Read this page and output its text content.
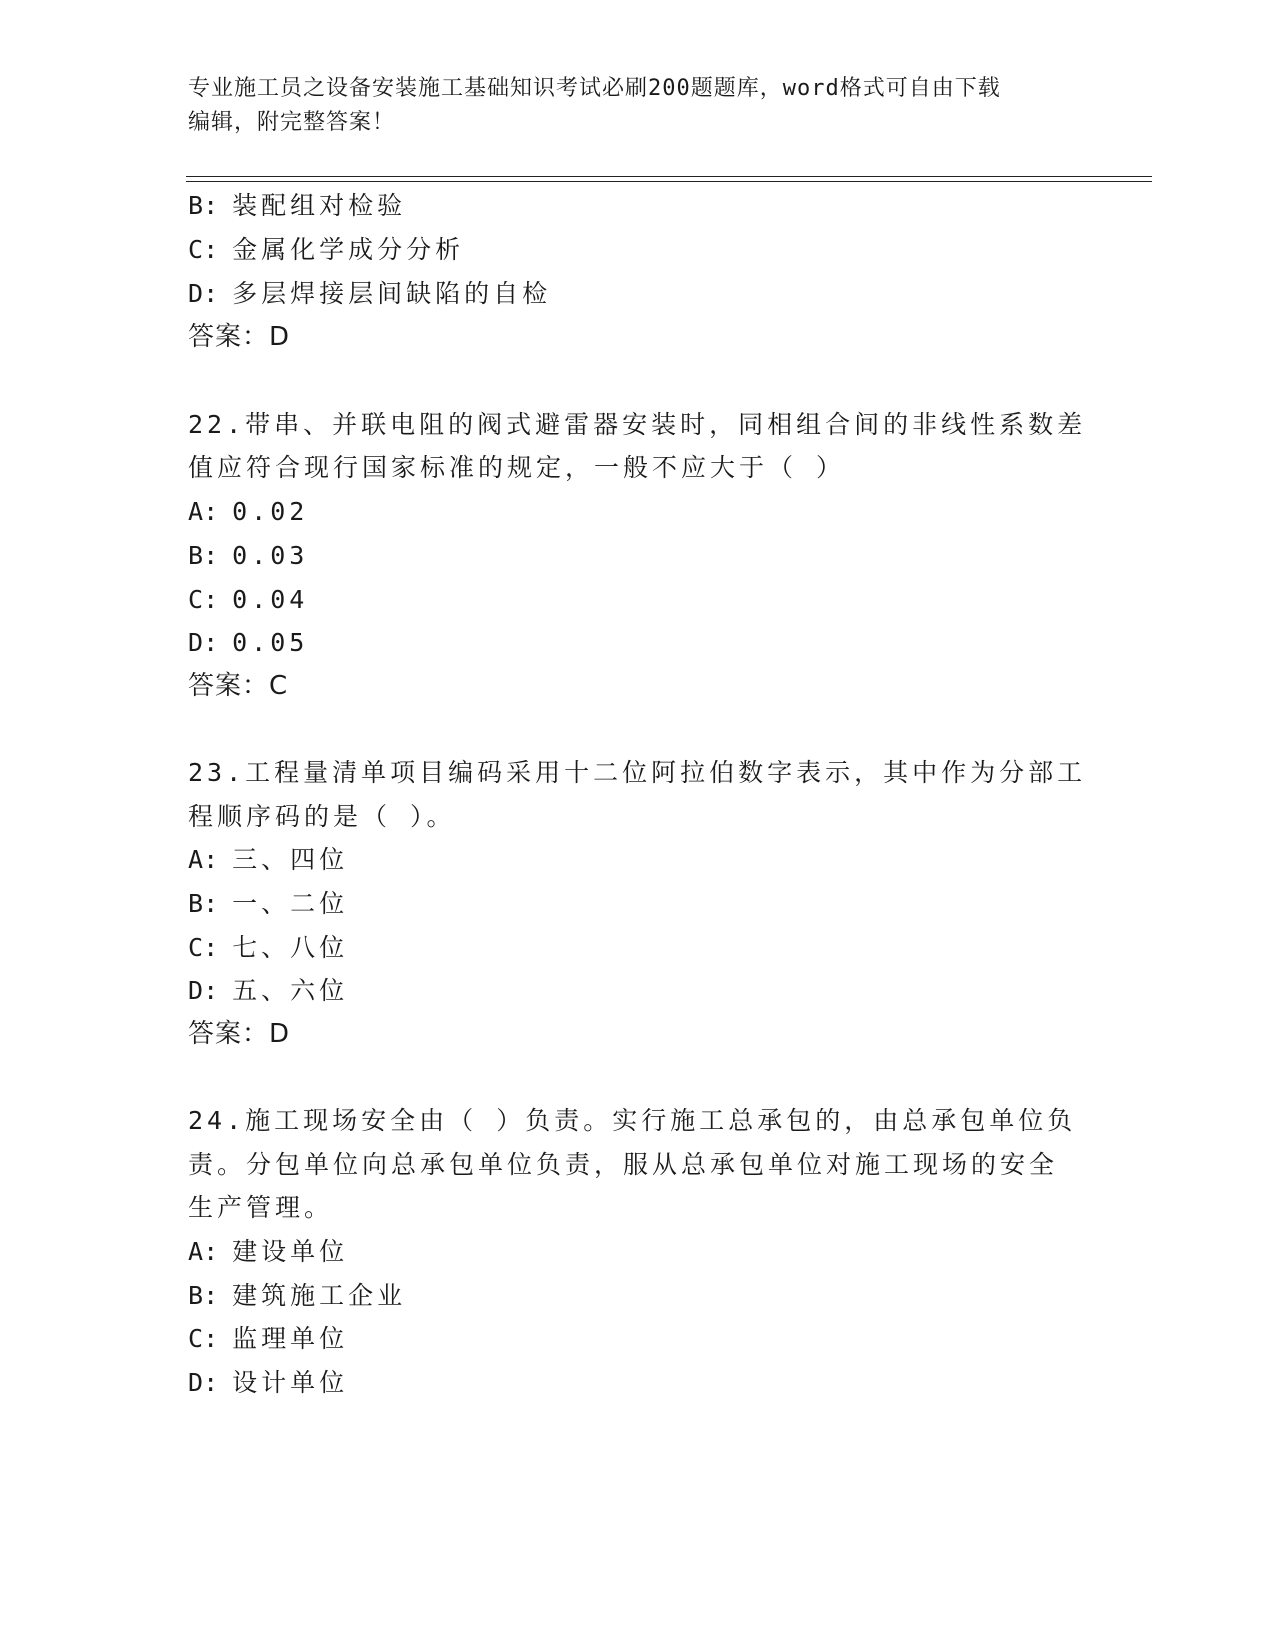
专业施工员之设备安装施工基础知识考试必刷200题题库，word格式可自由下载
编辑，附完整答案！
B: 装配组对检验
C: 金属化学成分分析
D: 多层焊接层间缺陷的自检
答案：D
22.带串、并联电阻的阀式避雷器安装时，同相组合间的非线性系数差
值应符合现行国家标准的规定，一般不应大于（ ）
A: 0.02
B: 0.03
C: 0.04
D: 0.05
答案：C
23.工程量清单项目编码采用十二位阿拉伯数字表示，其中作为分部工
程顺序码的是（ ）。
A: 三、四位
B: 一、二位
C: 七、八位
D: 五、六位
答案：D
24.施工现场安全由（ ）负责。实行施工总承包的，由总承包单位负
责。分包单位向总承包单位负责，服从总承包单位对施工现场的安全
生产管理。
A: 建设单位
B: 建筑施工企业
C: 监理单位
D: 设计单位
